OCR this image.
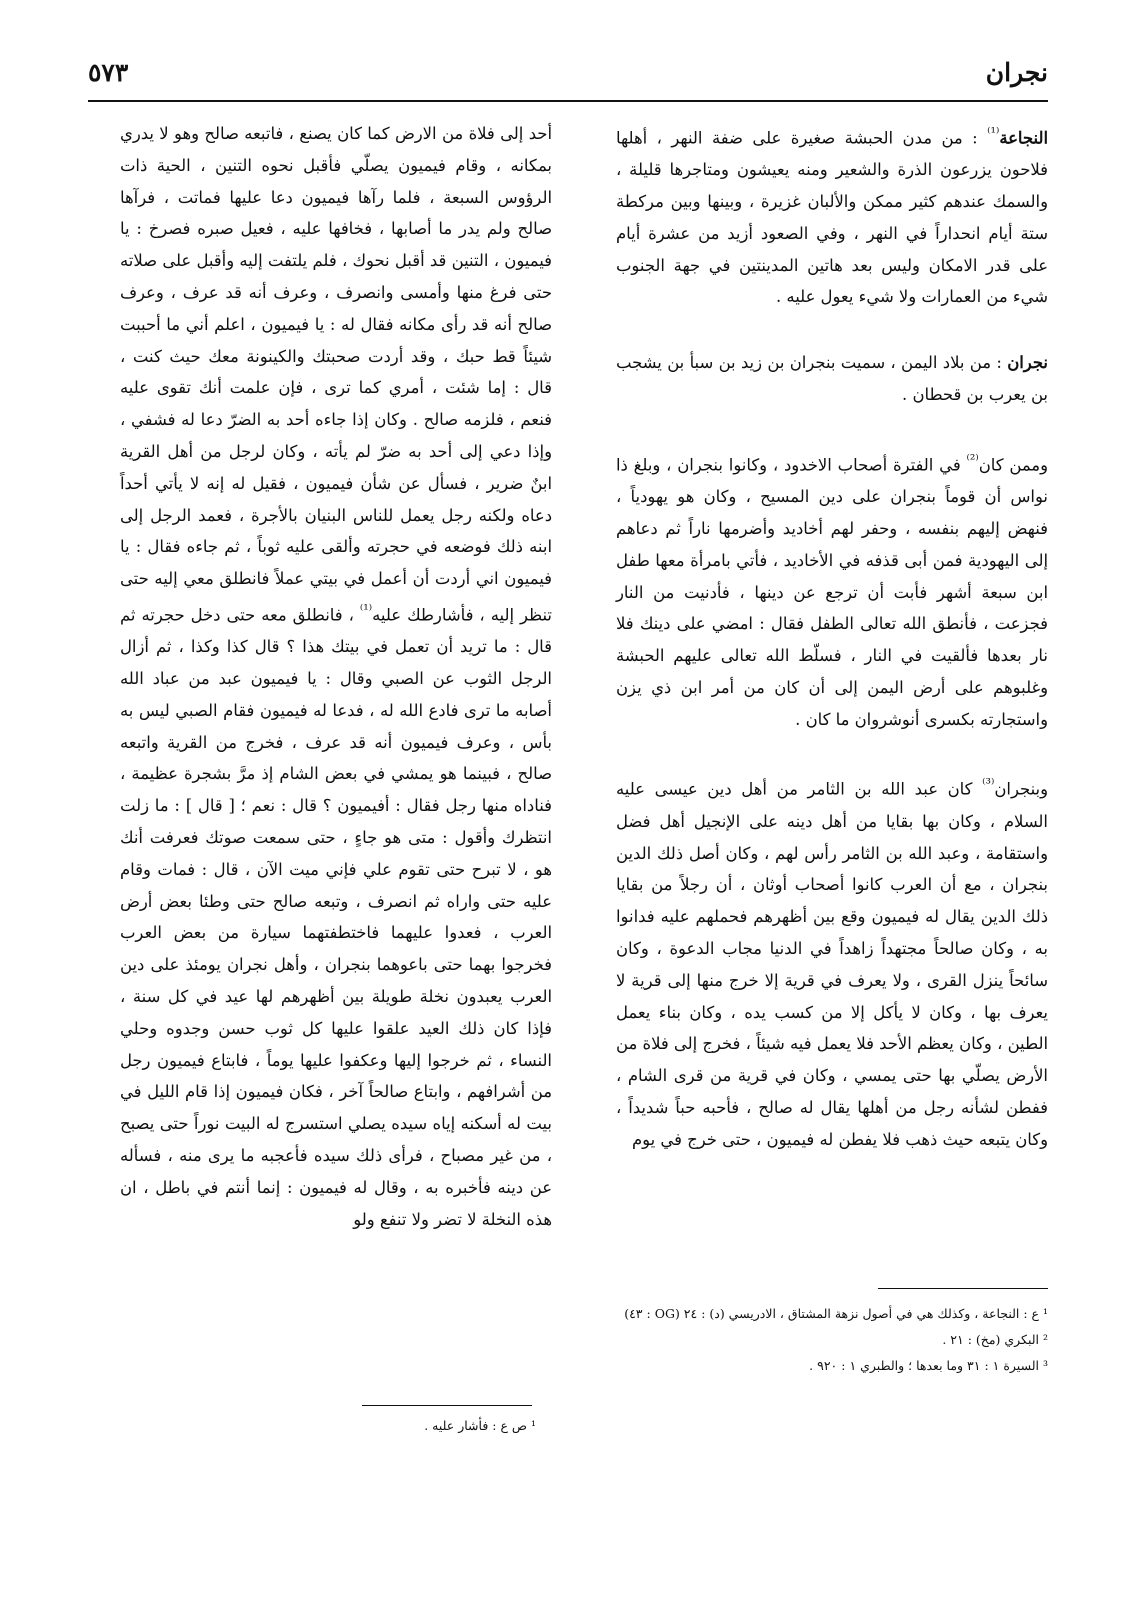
نجران
٥٧٣

النجاعة$^{^{(1)}}$ : من مدن الحبشة صغيرة على ضفة النهر ، أهلها فلاحون يزرعون الذرة والشعير ومنه يعيشون ومتاجرها قليلة ، والسمك عندهم كثير ممكن والألبان غزيرة ، وبينها وبين مركطة ستة أيام انحداراً في النهر ، وفي الصعود أزيد من عشرة أيام على قدر الامكان وليس بعد هاتين المدينتين في جهة الجنوب شيء من العمارات ولا شيء يعول عليه .

نجران : من بلاد اليمن ، سميت بنجران بن زيد بن سبأ بن يشجب بن يعرب بن قحطان .

وممن كان$^{^{(2)}}$ في الفترة أصحاب الاخدود ، وكانوا بنجران ، وبلغ ذا نواس أن قوماً بنجران على دين المسيح ، وكان هو يهودياً ، فنهض إليهم بنفسه ، وحفر لهم أخاديد وأضرمها ناراً ثم دعاهم إلى اليهودية فمن أبى قذفه في الأخاديد ، فأتي بامرأة معها طفل ابن سبعة أشهر فأبت أن ترجع عن دينها ، فأدنيت من النار فجزعت ، فأنطق الله تعالى الطفل فقال : امضي على دينك فلا نار بعدها فألقيت في النار ، فسلّط الله تعالى عليهم الحبشة وغلبوهم على أرض اليمن إلى أن كان من أمر ابن ذي يزن واستجارته بكسرى أنوشروان ما كان .

وبنجران$^{^{(3)}}$ كان عبد الله بن الثامر من أهل دين عيسى عليه السلام ، وكان بها بقايا من أهل دينه على الإنجيل أهل فضل واستقامة ، وعبد الله بن الثامر رأس لهم ، وكان أصل ذلك الدين بنجران ، مع أن العرب كانوا أصحاب أوثان ، أن رجلاً من بقايا ذلك الدين يقال له فيميون وقع بين أظهرهم فحملهم عليه فدانوا به ، وكان صالحاً مجتهداً زاهداً في الدنيا مجاب الدعوة ، وكان سائحاً ينزل القرى ، ولا يعرف في قرية إلا خرج منها إلى قرية لا يعرف بها ، وكان لا يأكل إلا من كسب يده ، وكان بناء يعمل الطين ، وكان يعظم الأحد فلا يعمل فيه شيئاً ، فخرج إلى فلاة من الأرض يصلّي بها حتى يمسي ، وكان في قرية من قرى الشام ، ففطن لشأنه رجل من أهلها يقال له صالح ، فأحبه حباً شديداً ، وكان يتبعه حيث ذهب فلا يفطن له فيميون ، حتى خرج في يوم

¹ ع : النجاعة ، وكذلك هي في أصول نزهة المشتاق ، الادريسي (د) : ٢٤ (OG : ٤٣)

² البكري (مخ) : ٢١ .

³ السيرة ١ : ٣١ وما بعدها ؛ والطبري ١ : ٩٢٠ .

أحد إلى فلاة من الارض كما كان يصنع ، فاتبعه صالح وهو لا يدري بمكانه ، وقام فيميون يصلّي فأقبل نحوه التنين ، الحية ذات الرؤوس السبعة ، فلما رآها فيميون دعا عليها فماتت ، فرآها صالح ولم يدر ما أصابها ، فخافها عليه ، فعيل صبره فصرخ : يا فيميون ، التنين قد أقبل نحوك ، فلم يلتفت إليه وأقبل على صلاته حتى فرغ منها وأمسى وانصرف ، وعرف أنه قد عرف ، وعرف صالح أنه قد رأى مكانه فقال له : يا فيميون ، اعلم أني ما أحببت شيئاً قط حبك ، وقد أردت صحبتك والكينونة معك حيث كنت ، قال : إما شئت ، أمري كما ترى ، فإن علمت أنك تقوى عليه فنعم ، فلزمه صالح . وكان إذا جاءه أحد به الضرّ دعا له فشفي ، وإذا دعي إلى أحد به ضرّ لم يأته ، وكان لرجل من أهل القرية ابنٌ ضرير ، فسأل عن شأن فيميون ، فقيل له إنه لا يأتي أحداً دعاه ولكنه رجل يعمل للناس البنيان بالأجرة ، فعمد الرجل إلى ابنه ذلك فوضعه في حجرته وألقى عليه ثوباً ، ثم جاءه فقال : يا فيميون اني أردت أن أعمل في بيتي عملاً فانطلق معي إليه حتى تنظر إليه ، فأشارطك عليه$^{^{(1)}}$ ، فانطلق معه حتى دخل حجرته ثم قال : ما تريد أن تعمل في بيتك هذا ؟ قال كذا وكذا ، ثم أزال الرجل الثوب عن الصبي وقال : يا فيميون عبد من عباد الله أصابه ما ترى فادع الله له ، فدعا له فيميون فقام الصبي ليس به بأس ، وعرف فيميون أنه قد عرف ، فخرج من القرية واتبعه صالح ، فبينما هو يمشي في بعض الشام إذ مرَّ بشجرة عظيمة ، فناداه منها رجل فقال : أفيميون ؟ قال : نعم ؛ [ قال ] : ما زلت انتظرك وأقول : متى هو جاءٍ ، حتى سمعت صوتك فعرفت أنك هو ، لا تبرح حتى تقوم علي فإني ميت الآن ، قال : فمات وقام عليه حتى واراه ثم انصرف ، وتبعه صالح حتى وطئا بعض أرض العرب ، فعدوا عليهما فاختطفتهما سيارة من بعض العرب فخرجوا بهما حتى باعوهما بنجران ، وأهل نجران يومئذ على دين العرب يعبدون نخلة طويلة بين أظهرهم لها عيد في كل سنة ، فإذا كان ذلك العيد علقوا عليها كل ثوب حسن وجدوه وحلي النساء ، ثم خرجوا إليها وعكفوا عليها يوماً ، فابتاع فيميون رجل من أشرافهم ، وابتاع صالحاً آخر ، فكان فيميون إذا قام الليل في بيت له أسكنه إياه سيده يصلي استسرج له البيت نوراً حتى يصبح ، من غير مصباح ، فرأى ذلك سيده فأعجبه ما يرى منه ، فسأله عن دينه فأخبره به ، وقال له فيميون : إنما أنتم في باطل ، ان هذه النخلة لا تضر ولا تنفع ولو

¹ ص ع : فأشار عليه .
